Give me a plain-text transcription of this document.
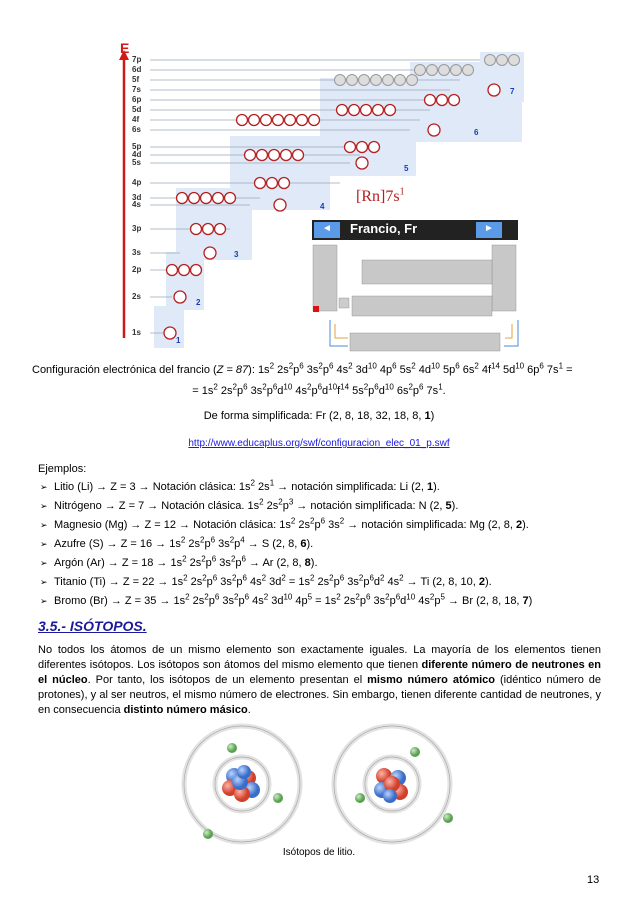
E
7p
6d
5f
7s
6p
5d
4f
6s
5p
4d
5s
4p
3d
4s
3p
3s
2p
2s
1s
1
2
3
4
5
6
7
$[Rn]7s^1$
◄	Francio, Fr	►
Configuración electrónica del francio (Z = 87): $1s^2$ $2s^2p^6$ $3s^2p^6$ $4s^2$ $3d^{10}$ $4p^6$ $5s^2$ $4d^{10}$ $5p^6$ $6s^2$ $4f^{14}$ $5d^{10}$ $6p^6$ $7s^1$ =
= $1s^2$ $2s^2p^6$ $3s^2p^6d^{10}$ $4s^2p^6d^{10}f^{14}$ $5s^2p^6d^{10}$ $6s^2p^6$ $7s^1$.
De forma simplificada: Fr (2, 8, 18, 32, 18, 8, 1)
http://www.educaplus.org/swf/configuracion_elec_01_p.swf
Ejemplos:
➢ Litio (Li) → Z = 3 → Notación clásica: $1s^2$ $2s^1$ → notación simplificada: Li (2, 1).
➢ Nitrógeno → Z = 7 → Notación clásica. $1s^2$ $2s^2p^3$ → notación simplificada: N (2, 5).
➢ Magnesio (Mg) → Z = 12 → Notación clásica: $1s^2$ $2s^2p^6$ $3s^2$ → notación simplificada: Mg (2, 8, 2).
➢ Azufre $(S) \to Z = 16 \to 1s^2$ $2s^2p^6$ $3s^2p^4 \to S$ (2, 8, 6).
➢ Argón $(Ar) \to Z = 18 \to 1s^2$ $2s^2p^6$ $3s^2p^6 \to Ar$ (2, 8, 8).
➢ Titanio $(Ti) \to Z = 22 \to 1s^2$ $2s^2p^6$ $3s^2p^6$ $4s^2$ $3d^2 = 1s^2$ $2s^2p^6$ $3s^2p^6d^2$ $4s^2 \to Ti$ (2, 8, 10, 2).
➢ Bromo $(Br) \to Z = 35 \to 1s^2$ $2s^2p^6$ $3s^2p^6$ $4s^2$ $3d^{10}$ $4p^5 = 1s^2$ $2s^2p^6$ $3s^2p^6d^{10}$ $4s^2p^5 \to Br$ (2, 8, 18, 7)
3.5.- ISÓTOPOS.
No todos los átomos de un mismo elemento son exactamente iguales. La mayoría de los elementos tienen diferentes isótopos. Los isótopos son átomos del mismo elemento que tienen diferente número de neutrones en el núcleo. Por tanto, los isótopos de un elemento presentan el mismo número atómico (idéntico número de protones), y al ser neutros, el mismo número de electrones. Sin embargo, tienen diferente cantidad de neutrones, y en consecuencia distinto número másico.
Isótopos de litio.
13
